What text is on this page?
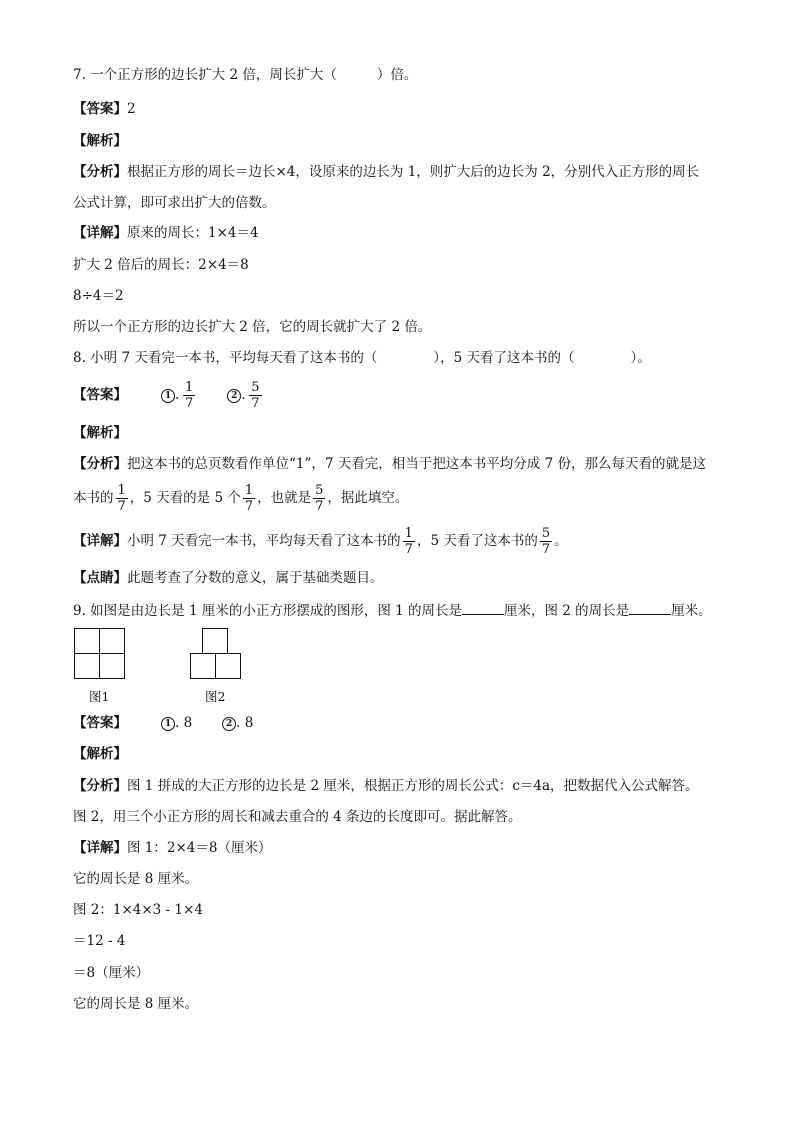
7. 一个正方形的边长扩大 2 倍，周长扩大（	）倍。
【答案】2
【解析】
【分析】根据正方形的周长＝边长×4，设原来的边长为 1，则扩大后的边长为 2，分别代入正方形的周长
公式计算，即可求出扩大的倍数。
【详解】原来的周长：1×4＝4
扩大 2 倍后的周长：2×4＝8
8÷4＝2
所以一个正方形的边长扩大 2 倍，它的周长就扩大了 2 倍。
8. 小明 7 天看完一本书，平均每天看了这本书的（	），5 天看了这本书的（	）。
【答案】	1 . $\frac{1}{7}$	2 . $\frac{5}{7}$
【解析】
【分析】把这本书的总页数看作单位“1”，7 天看完，相当于把这本书平均分成 7 份，那么每天看的就是这
本书的 $\frac{1}{7}$ ，5 天看的是 5 个 $\frac{1}{7}$ ，也就是 $\frac{5}{7}$ ，据此填空。
【详解】小明 7 天看完一本书，平均每天看了这本书的 $\frac{1}{7}$ ，5 天看了这本书的 $\frac{5}{7}$ 。
【点睛】此题考查了分数的意义，属于基础类题目。
9. 如图是由边长是 1 厘米的小正方形摆成的图形，图 1 的周长是	厘米，图 2 的周长是	厘米。
图1	图2
【答案】	1 . 8	2 . 8
【解析】
【分析】图 1 拼成的大正方形的边长是 2 厘米，根据正方形的周长公式：c＝4a，把数据代入公式解答。
图 2，用三个小正方形的周长和减去重合的 4 条边的长度即可。据此解答。
【详解】图 1：2×4＝8（厘米）
它的周长是 8 厘米。
图 2：1×4×3 - 1×4
＝12 - 4
＝8（厘米）
它的周长是 8 厘米。
